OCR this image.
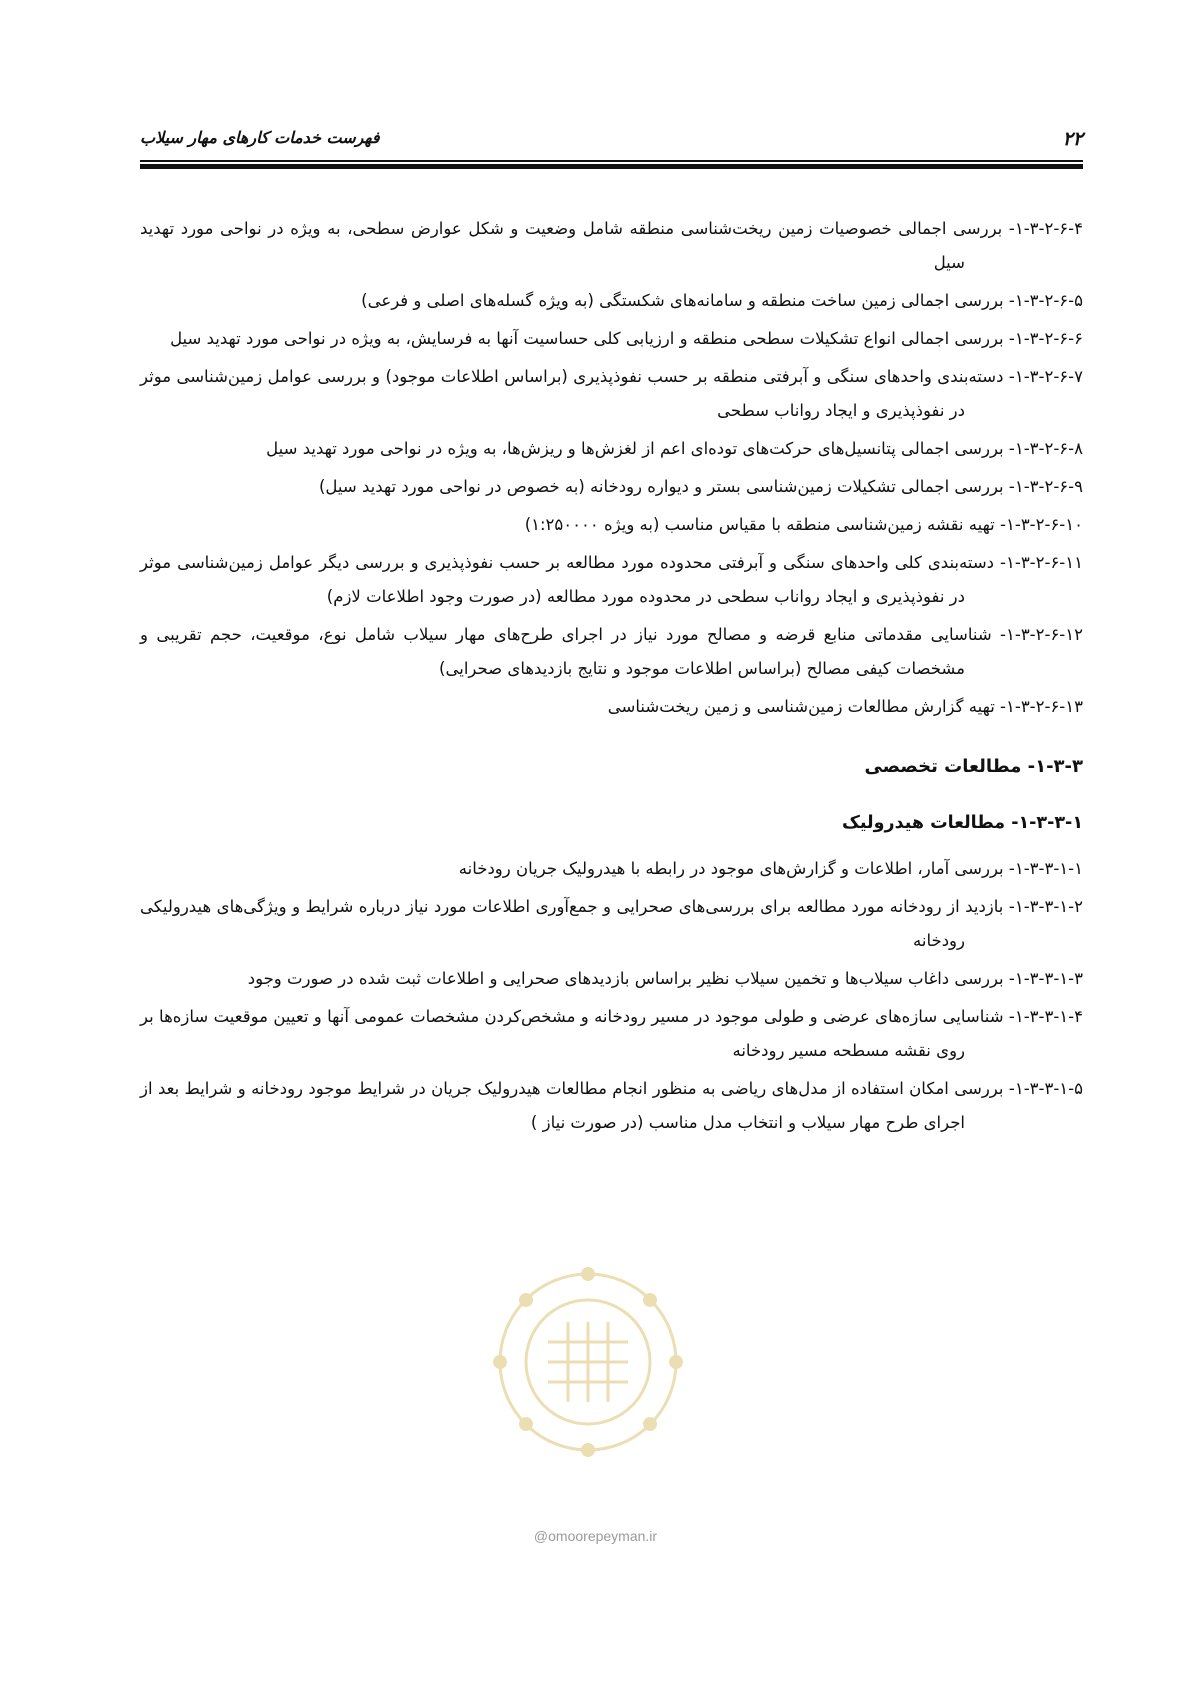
۲۲
فهرست خدمات کارهای مهار سیلاب
۱-۳-۲-۶-۴- بررسی اجمالی خصوصیات زمین ریخت‌شناسی منطقه شامل وضعیت و شکل عوارض سطحی، به ویژه در نواحی مورد تهدید سیل
۱-۳-۲-۶-۵- بررسی اجمالی زمین ساخت منطقه و سامانه‌های شکستگی (به ویژه گسله‌های اصلی و فرعی)
۱-۳-۲-۶-۶- بررسی اجمالی انواع تشکیلات سطحی منطقه و ارزیابی کلی حساسیت آنها به فرسایش، به ویژه در نواحی مورد تهدید سیل
۱-۳-۲-۶-۷- دسته‌بندی واحدهای سنگی و آبرفتی منطقه بر حسب نفوذپذیری (براساس اطلاعات موجود) و بررسی عوامل زمین‌شناسی موثر در نفوذپذیری و ایجاد رواناب سطحی
۱-۳-۲-۶-۸- بررسی اجمالی پتانسیل‌های حرکت‌های توده‌ای اعم از لغزش‌ها و ریزش‌ها، به ویژه در نواحی مورد تهدید سیل
۱-۳-۲-۶-۹- بررسی اجمالی تشکیلات زمین‌شناسی بستر و دیواره رودخانه (به خصوص در نواحی مورد تهدید سیل)
۱-۳-۲-۶-۱۰- تهیه نقشه زمین‌شناسی منطقه با مقیاس مناسب (به ویژه ۱:۲۵۰۰۰۰)
۱-۳-۲-۶-۱۱- دسته‌بندی کلی واحدهای سنگی و آبرفتی محدوده مورد مطالعه بر حسب نفوذپذیری و بررسی دیگر عوامل زمین‌شناسی موثر در نفوذپذیری و ایجاد رواناب سطحی در محدوده مورد مطالعه (در صورت وجود اطلاعات لازم)
۱-۳-۲-۶-۱۲- شناسایی مقدماتی منابع قرضه و مصالح مورد نیاز در اجرای طرح‌های مهار سیلاب شامل نوع، موقعیت، حجم تقریبی و مشخصات کیفی مصالح (براساس اطلاعات موجود و نتایج بازدیدهای صحرایی)
۱-۳-۲-۶-۱۳- تهیه گزارش مطالعات زمین‌شناسی و زمین ریخت‌شناسی
۱-۳-۳- مطالعات تخصصی
۱-۳-۳-۱- مطالعات هیدرولیک
۱-۳-۳-۱-۱- بررسی آمار، اطلاعات و گزارش‌های موجود در رابطه با هیدرولیک جریان رودخانه
۱-۳-۳-۱-۲- بازدید از رودخانه مورد مطالعه برای بررسی‌های صحرایی و جمع‌آوری اطلاعات مورد نیاز درباره شرایط و ویژگی‌های هیدرولیکی رودخانه
۱-۳-۳-۱-۳- بررسی داغاب سیلاب‌ها و تخمین سیلاب نظیر براساس بازدیدهای صحرایی و اطلاعات ثبت شده در صورت وجود
۱-۳-۳-۱-۴- شناسایی سازه‌های عرضی و طولی موجود در مسیر رودخانه و مشخص‌کردن مشخصات عمومی آنها و تعیین موقعیت سازه‌ها بر روی نقشه مسطحه مسیر رودخانه
۱-۳-۳-۱-۵- بررسی امکان استفاده از مدل‌های ریاضی به منظور انجام مطالعات هیدرولیک جریان در شرایط موجود رودخانه و شرایط بعد از اجرای طرح مهار سیلاب و انتخاب مدل مناسب (در صورت نیاز )
@omoorepeyman.ir
